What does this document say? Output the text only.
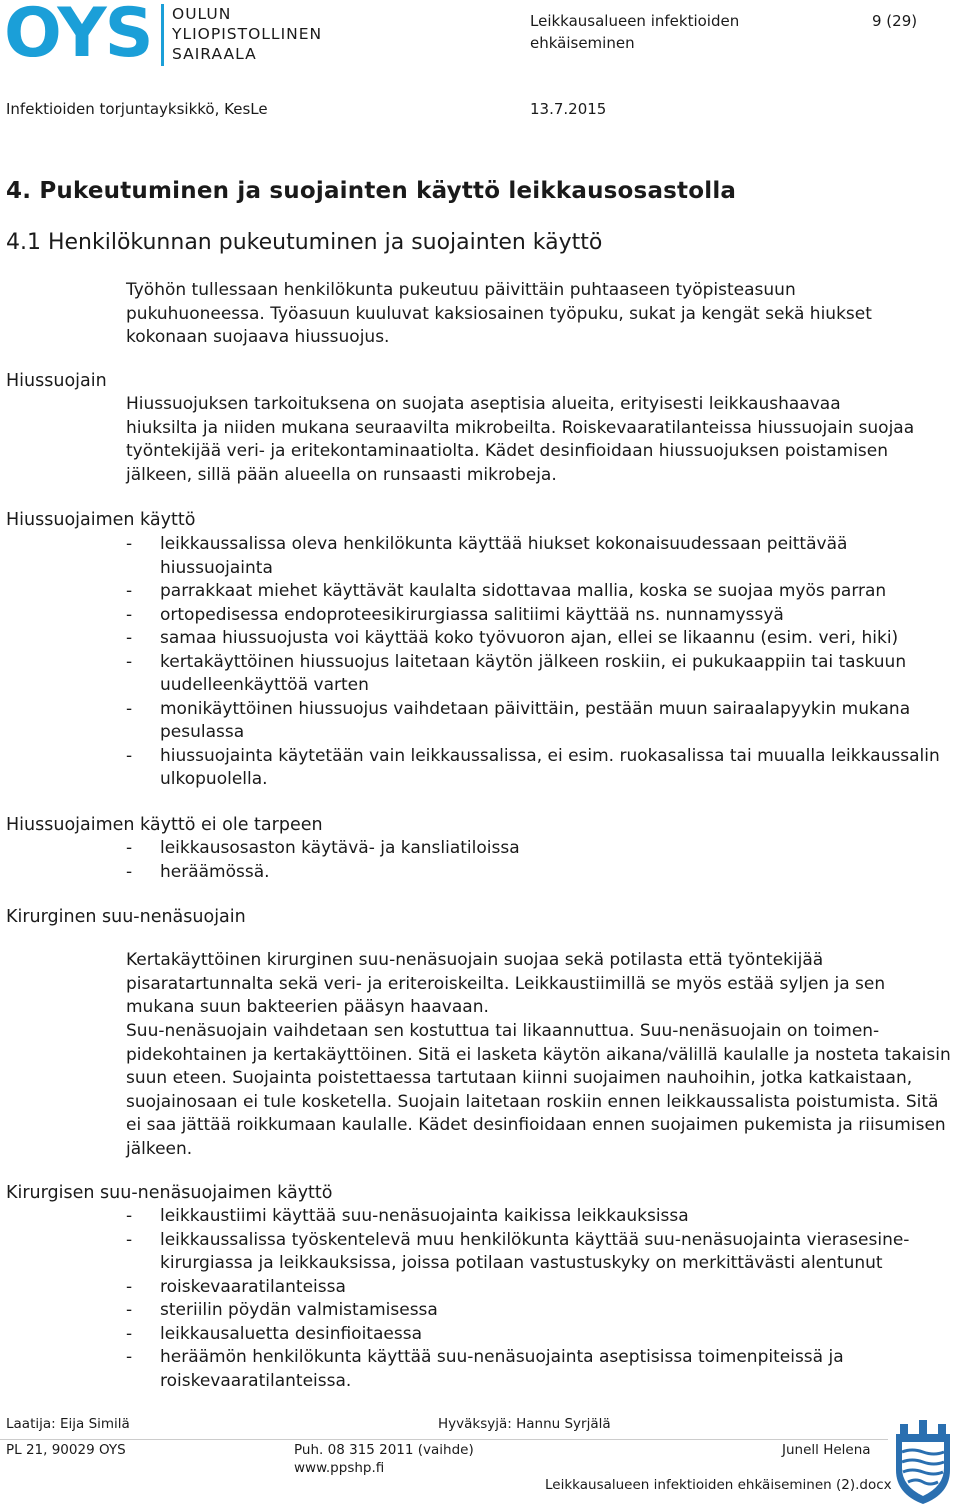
OYS OULUN
YLIOPISTOLLINEN
SAIRAALA
Leikkausalueen infektioiden ehkäiseminen
9 (29)
Infektioiden torjuntayksikkö, KesLe	13.7.2015
4. Pukeutuminen ja suojainten käyttö leikkausosastolla
4.1 Henkilökunnan pukeutuminen ja suojainten käyttö

Työhön tullessaan henkilökunta pukeutuu päivittäin puhtaaseen työpisteasuun pukuhuoneessa. Työasuun kuuluvat kaksiosainen työpuku, sukat ja kengät sekä hiukset kokonaan suojaava hiussuojus.

Hiussuojain

Hiussuojuksen tarkoituksena on suojata aseptisia alueita, erityisesti leikkaushaavaa hiuksilta ja niiden mukana seuraavilta mikrobeilta. Roiskevaaratilanteissa hiussuojain suojaa työntekijää veri- ja eritekontaminaatiolta. Kädet desinfioidaan hiussuojuksen poistamisen jälkeen, sillä pään alueella on runsaasti mikrobeja.

Hiussuojaimen käyttö
-	leikkaussalissa oleva henkilökunta käyttää hiukset kokonaisuudessaan peittävää hiussuojainta
-	parrakkaat miehet käyttävät kaulalta sidottavaa mallia, koska se suojaa myös parran
-	ortopedisessa endoproteesikirurgiassa salitiimi käyttää ns. nunnamyssyä
-	samaa hiussuojusta voi käyttää koko työvuoron ajan, ellei se likaannu (esim. veri, hiki)
-	kertakäyttöinen hiussuojus laitetaan käytön jälkeen roskiin, ei pukukaappiin tai taskuun uudelleenkäyttöä varten
-	monikäyttöinen hiussuojus vaihdetaan päivittäin, pestään muun sairaalapyykin mukana pesulassa
-	hiussuojainta käytetään vain leikkaussalissa, ei esim. ruokasalissa tai muualla leikkaussalin ulkopuolella.
Hiussuojaimen käyttö ei ole tarpeen
-	leikkausosaston käytävä- ja kansliatiloissa
-	heräämössä.
Kirurginen suu-nenäsuojain

Kertakäyttöinen kirurginen suu-nenäsuojain suojaa sekä potilasta että työntekijää pisaratartunnalta sekä veri- ja eriteroiskeilta. Leikkaustiimillä se myös estää syljen ja sen mukana suun bakteerien pääsyn haavaan.

Suu-nenäsuojain vaihdetaan sen kostuttua tai likaannuttua. Suu-nenäsuojain on toimen-pidekohtainen ja kertakäyttöinen. Sitä ei lasketa käytön aikana/välillä kaulalle ja nosteta takaisin suun eteen. Suojainta poistettaessa tartutaan kiinni suojaimen nauhoihin, jotka katkaistaan, suojainosaan ei tule kosketella. Suojain laitetaan roskiin ennen leikkaussalista poistumista. Sitä ei saa jättää roikkumaan kaulalle. Kädet desinfioidaan ennen suojaimen pukemista ja riisumisen jälkeen.

Kirurgisen suu-nenäsuojaimen käyttö
-	leikkaustiimi käyttää suu-nenäsuojainta kaikissa leikkauksissa
-	leikkaussalissa työskentelevä muu henkilökunta käyttää suu-nenäsuojainta vierasesine-kirurgiassa ja leikkauksissa, joissa potilaan vastustuskyky on merkittävästi alentunut
-	roiskevaaratilanteissa
-	steriilin pöydän valmistamisessa
-	leikkausaluetta desinfioitaessa
-	heräämön henkilökunta käyttää suu-nenäsuojainta aseptisissa toimenpiteissä ja roiskevaaratilanteissa.
Laatija: Eija Similä	Hyväksyjä: Hannu Syrjälä
PL 21, 90029 OYS	Puh. 08 315 2011 (vaihde)
www.ppshp.fi
Junell Helena
Leikkausalueen infektioiden ehkäiseminen (2).docx
